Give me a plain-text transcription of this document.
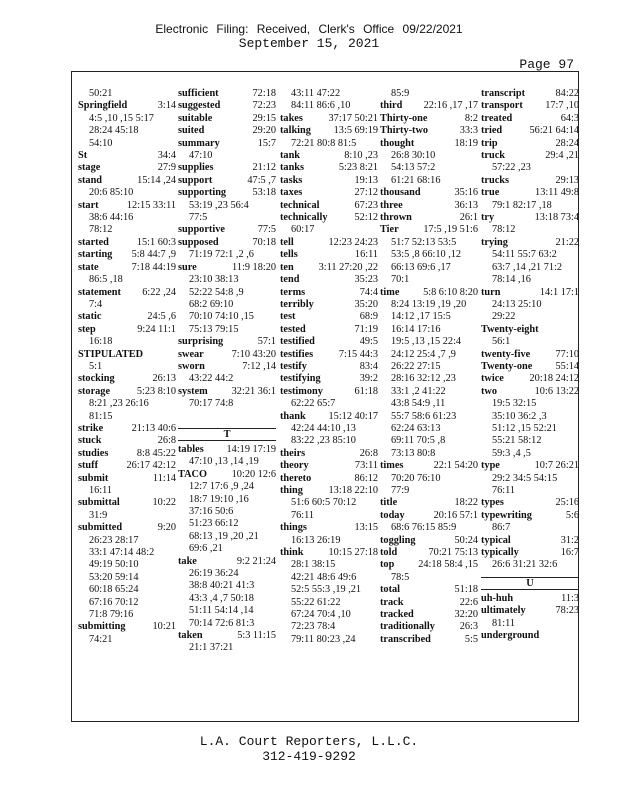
Electronic Filing: Received, Clerk's Office 09/22/2021
September 15, 2021
Page 97
50:21
Springfield	3:14
4:5 ,10 ,15 5:17
28:24 45:18
54:10
St	34:4
stage	27:9
stand	15:14 ,24
20:6 85:10
start	12:15 33:11
38:6 44:16
78:12
started	15:1 60:3
starting 5:8 44:7 ,9
state	7:18 44:19
86:5 ,18
statement 6:22 ,24
7:4
static	24:5 ,6
step	9:24 11:1
16:18
STIPULATED
5:1
stocking	26:13
storage	5:23 8:10
8:21 ,23 26:16
81:15
strike	21:13 40:6
stuck	26:8
studies	8:8 45:22
stuff	26:17 42:12
submit	11:14
16:11
submittal	10:22
31:9
submitted	9:20
26:23 28:17
33:1 47:14 48:2
49:19 50:10
53:20 59:14
60:18 65:24
67:16 70:12
71:8 79:16
submitting	10:21
74:21
sufficient	72:18
suggested	72:23
suitable	29:15
suited	29:20
summary	15:7
47:10
supplies	21:12
support	47:5 ,7
supporting	53:18
53:19 ,23 56:4
77:5
supportive	77:5
supposed	70:18
71:19 72:1 ,2 ,6
sure	11:9 18:20
23:10 38:13
52:22 54:8 ,9
68:2 69:10
70:10 74:10 ,15
75:13 79:15
surprising	57:1
swear	7:10 43:20
sworn	7:12 ,14
43:22 44:2
system 32:21 36:1
70:17 74:8

T
tables 14:19 17:19
47:10 ,13 ,14 ,19
TACO 10:20 12:6
12:7 17:6 ,9 ,24
18:7 19:10 ,16
37:16 50:6
51:23 66:12
68:13 ,19 ,20 ,21
69:6 ,21
take	9:2 21:24
26:19 36:24
38:8 40:21 41:3
43:3 ,4 ,7 50:18
51:11 54:14 ,14
70:14 72:6 81:3
taken	5:3 11:15
21:1 37:21
43:11 47:22
84:11 86:6 ,10
takes 37:17 50:21
talking 13:5 69:19
72:21 80:8 81:5
tank	8:10 ,23
tanks	5:23 8:21
tasks	19:13
taxes	27:12
technical	67:23
technically	52:12
60:17
tell	12:23 24:23
tells	16:11
ten 3:11 27:20 ,22
tend	35:23
terms	74:4
terribly	35:20
test	68:9
tested	71:19
testified	49:5
testifies 7:15 44:3
testify	83:4
testifying	39:2
testimony	61:18
62:22 65:7
thank 15:12 40:17
42:24 44:10 ,13
83:22 ,23 85:10
theirs	26:8
theory	73:11
thereto	86:12
thing 13:18 22:10
51:6 60:5 70:12
76:11
things	13:15
16:13 26:19
think 10:15 27:18
28:1 38:15
42:21 48:6 49:6
52:5 55:3 ,19 ,21
55:22 61:22
67:24 70:4 ,10
72:23 78:4
79:11 80:23 ,24
85:9
third 22:16 ,17 ,17
Thirty-one	8:2
Thirty-two	33:3
thought	18:19
26:8 30:10
54:13 57:2
61:21 68:16
thousand	35:16
three	36:13
thrown	26:1
Tier 17:5 ,19 51:6
51:7 52:13 53:5
53:5 ,8 66:10 ,12
66:13 69:6 ,17
70:1
time 5:8 6:10 8:20
8:24 13:19 ,19 ,20
14:12 ,17 15:5
16:14 17:16
19:5 ,13 ,15 22:4
24:12 25:4 ,7 ,9
26:22 27:15
28:16 32:12 ,23
33:1 ,2 41:22
43:8 54:9 ,11
55:7 58:6 61:23
62:24 63:13
69:11 70:5 ,8
73:13 80:8
times	22:1 54:20
70:20 76:10
77:9
title	18:22
today	20:16 57:1
68:6 76:15 85:9
toggling	50:24
told	70:21 75:13
top 24:18 58:4 ,15
78:5
total	51:18
track	22:6
tracked	32:20
traditionally 26:3
transcribed	5:5
transcript	84:22
transport 17:7 ,10
treated	64:3
tried	56:21 64:14
trip	28:24
truck	29:4 ,21
57:22 ,23
trucks	29:13
true	13:11 49:8
79:1 82:17 ,18
try	13:18 73:4
78:12
trying	21:22
54:11 55:7 63:2
63:7 ,14 ,21 71:2
78:14 ,16
turn	14:1 17:1
24:13 25:10
29:22
Twenty-eight
56:1
twenty-five 77:10
Twenty-one 55:14
twice 20:18 24:12
two	10:6 13:22
19:5 32:15
35:10 36:2 ,3
51:12 ,15 52:21
55:21 58:12
59:3 ,4 ,5
type	10:7 26:21
29:2 34:5 54:15
76:11
types	25:16
typewriting	5:6
86:7
typical	31:2
typically	16:7
26:6 31:21 32:6
U
uh-huh	11:3
ultimately	78:23
81:11
underground
L.A. Court Reporters, L.L.C.
312-419-9292
